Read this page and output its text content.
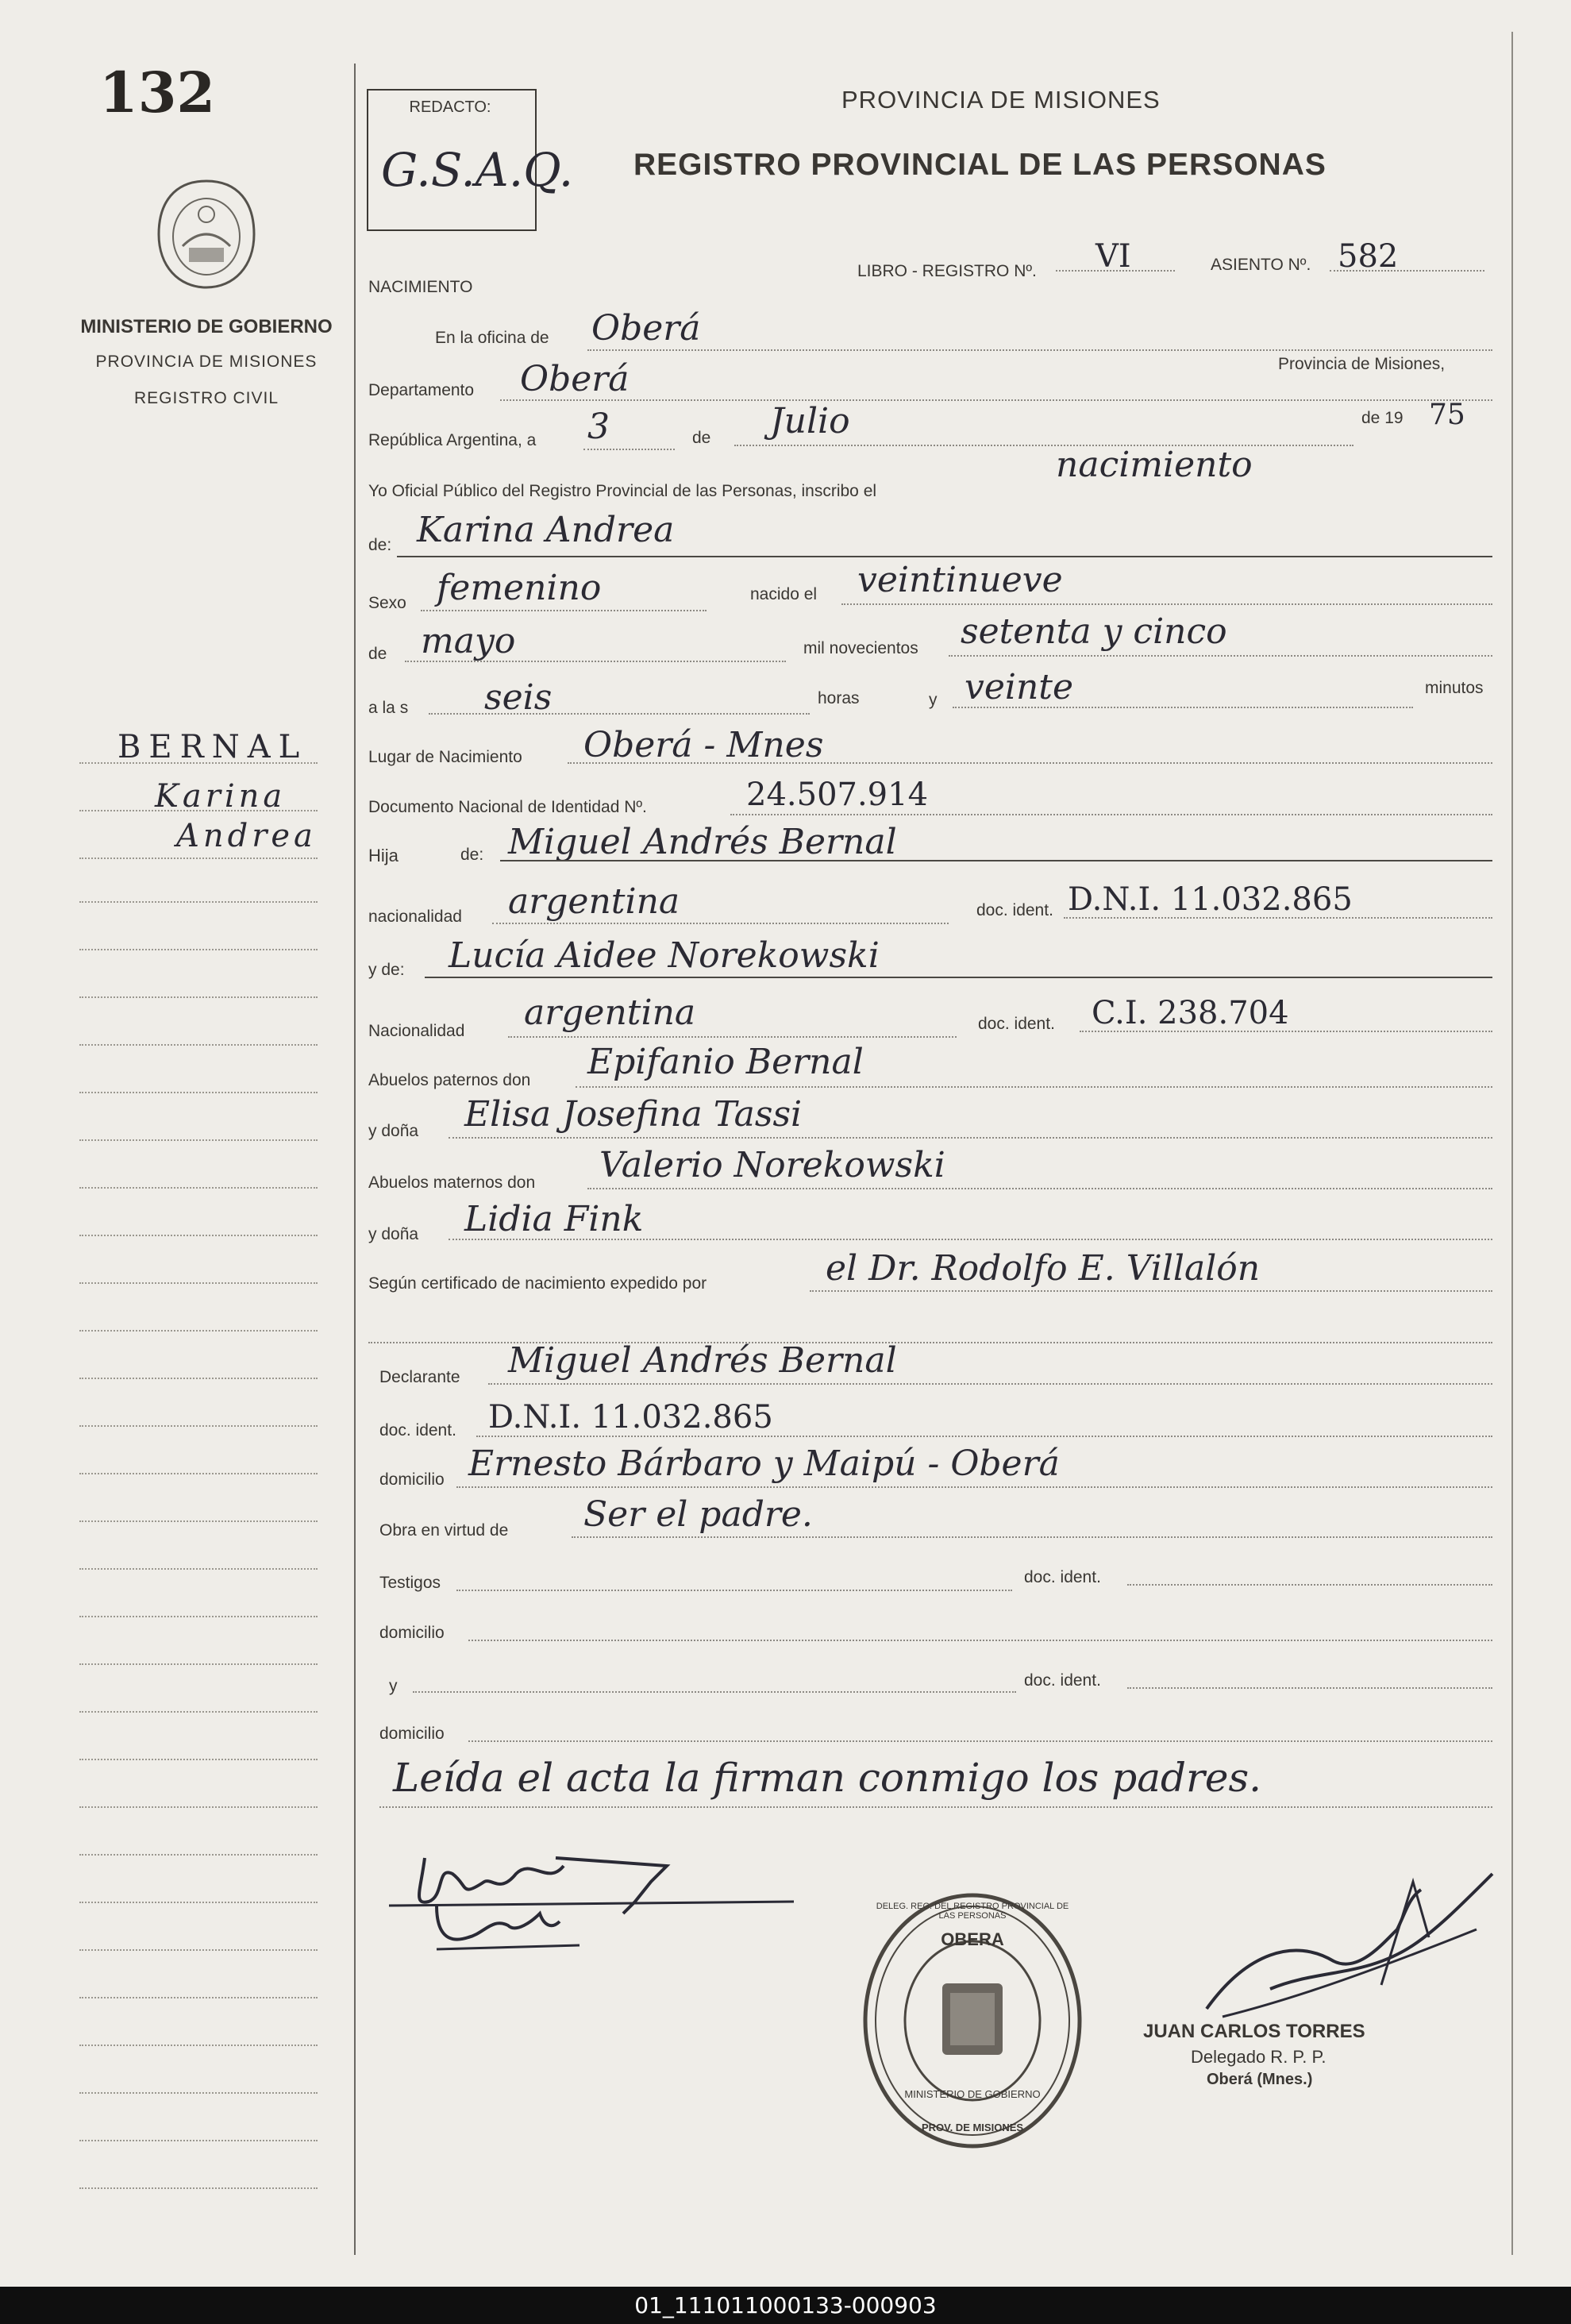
132
MINISTERIO DE GOBIERNO
PROVINCIA DE MISIONES
REGISTRO CIVIL
BERNAL
Karina
Andrea
REDACTO:
G.S.A.Q.
PROVINCIA DE MISIONES
REGISTRO PROVINCIAL DE LAS PERSONAS
LIBRO - REGISTRO Nº. VI	ASIENTO Nº. 582
NACIMIENTO
En la oficina de Oberá
Provincia de Misiones,
Departamento Oberá
República Argentina, a 3	de Julio	de 19 75
Yo Oficial Público del Registro Provincial de las Personas, inscribo el
nacimiento
de: Karina Andrea
Sexo femenino	nacido el veintinueve
de mayo	mil novecientos setenta y cinco
a la s seis	horas	y veinte	minutos
Lugar de Nacimiento Oberá - Mnes
Documento Nacional de Identidad Nº.	24.507.914
Hija	de: Miguel Andrés Bernal
nacionalidad argentina	doc. ident. D.N.I. 11.032.865
y de: Lucía Aidee Norekowski
Nacionalidad argentina	doc. ident. C.I. 238.704
Abuelos paternos don Epifanio Bernal
y doña Elisa Josefina Tassi
Abuelos maternos don Valerio Norekowski
y doña Lidia Fink
Según certificado de nacimiento expedido por	el Dr. Rodolfo E. Villalón
Declarante Miguel Andrés Bernal
doc. ident. D.N.I. 11.032.865
domicilio Ernesto Bárbaro y Maipú - Oberá
Obra en virtud de Ser el padre.
Testigos	doc. ident.
domicilio
y	doc. ident.
domicilio
Leída el acta la firman conmigo los padres.
OBERA
DELEG. REG. DEL REGISTRO PROVINCIAL DE LAS PERSONAS
MINISTERIO DE GOBIERNO
PROV. DE MISIONES
JUAN CARLOS TORRES
Delegado R. P. P.
Oberá (Mnes.)
01_111011000133-000903
